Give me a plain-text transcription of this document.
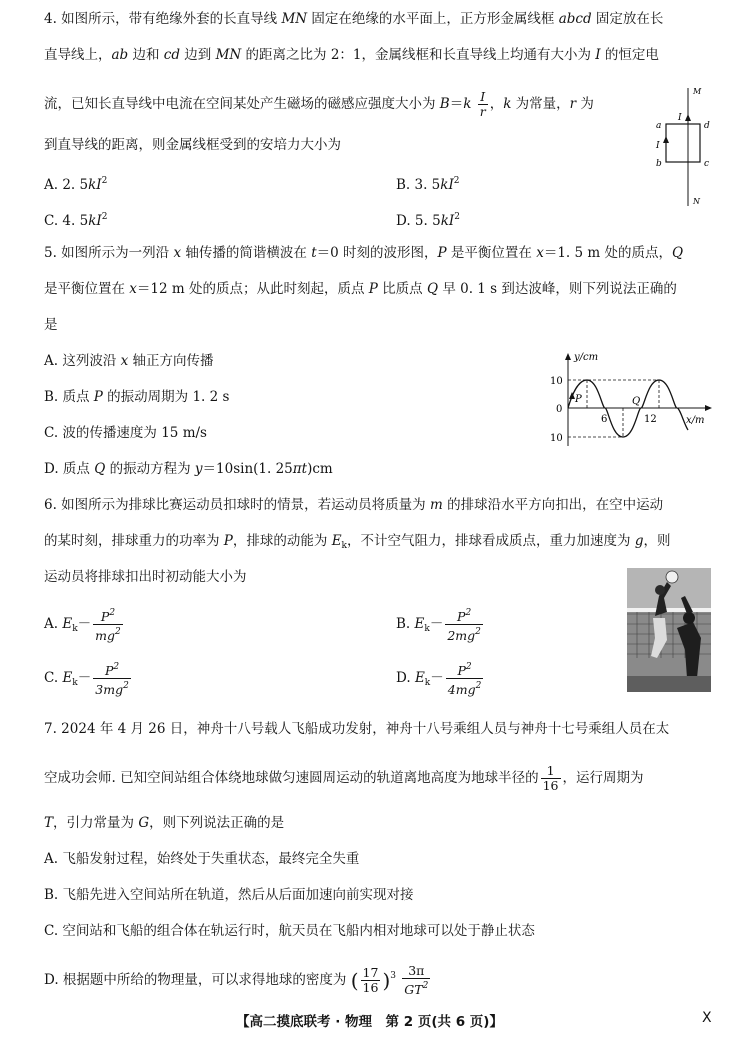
4. 如图所示，带有绝缘外套的长直导线 MN 固定在绝缘的水平面上，正方形金属线框 abcd 固定放在长
直导线上，ab 边和 cd 边到 MN 的距离之比为 2：1，金属线框和长直导线上均通有大小为 I 的恒定电
流，已知长直导线中电流在空间某处产生磁场的磁感应强度大小为 $B=k \frac{I}{r}$ ，k 为常量，r 为
到直导线的距离，则金属线框受到的安培力大小为
A. 2. $5kI^2$	B. 3. $5kI^2$
C. 4. $5kI^2$	D. 5. $5kI^2$
M
N
I
I
a
b	c
d
5. 如图所示为一列沿 x 轴传播的简谐横波在 t＝0 时刻的波形图，P 是平衡位置在 x＝1. 5 m 处的质点，Q
是平衡位置在 x＝12 m 处的质点；从此时刻起，质点 P 比质点 Q 早 0. 1 s 到达波峰，则下列说法正确的
是
A. 这列波沿 x 轴正方向传播
B. 质点 P 的振动周期为 1. 2 s
C. 波的传播速度为 15 m/s
D. 质点 Q 的振动方程为 y＝10sin(1. 25πt)cm
y/cm
x/m
10
0
10
6	12
P	Q
6. 如图所示为排球比赛运动员扣球时的情景，若运动员将质量为 m 的排球沿水平方向扣出，在空中运动
的某时刻，排球重力的功率为 P，排球的动能为 $E_k$，不计空气阻力，排球看成质点，重力加速度为 g，则
运动员将排球扣出时初动能大小为
A. $E_k- \frac{P^2}{mg^2}$	B. $E_k- \frac{P^2}{2mg^2}$
C. $E_k- \frac{P^2}{3mg^2}$	D. $E_k- \frac{P^2}{4mg^2}$
7. 2024 年 4 月 26 日，神舟十八号载人飞船成功发射，神舟十八号乘组人员与神舟十七号乘组人员在太
空成功会师. 已知空间站组合体绕地球做匀速圆周运动的轨道离地高度为地球半径的 $\frac{1}{16}$ ，运行周期为
T，引力常量为 G，则下列说法正确的是
A. 飞船发射过程，始终处于失重状态，最终完全失重
B. 飞船先进入空间站所在轨道，然后从后面加速向前实现对接
C. 空间站和飞船的组合体在轨运行时，航天员在飞船内相对地球可以处于静止状态
D. 根据题中所给的物理量，可以求得地球的密度为 ( $\frac{17}{16} )^3 \frac{3\pi}{GT^2}$
【高二摸底联考 · 物理　第 2 页(共 6 页)】	X
